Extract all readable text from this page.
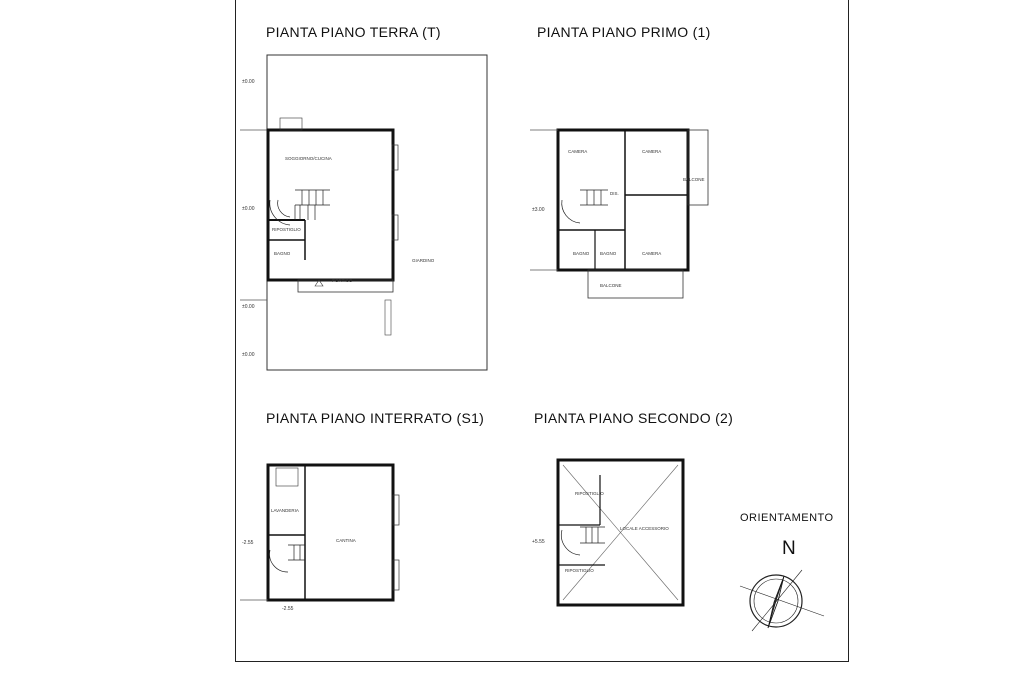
PIANTA PIANO TERRA (T)	PIANTA PIANO PRIMO (1)
PIANTA PIANO INTERRATO (S1)	PIANTA PIANO SECONDO (2)
SOGGIORNO/CUCINA
RIPOSTIGLIO
BAGNO
PORTICO
GIARDINO
±0.00
±0.00
±0.00
±0.00
CAMERA	CAMERA
CAMERA
BALCONE
BALCONE
DIS.
BAGNO BAGNO
±3.00
LAVANDERIA
CANTINA
-2.55
-2.55
RIPOSTIGLIO
LOCALE ACCESSORIO
RIPOSTIGLIO
+5.55
ORIENTAMENTO
N
